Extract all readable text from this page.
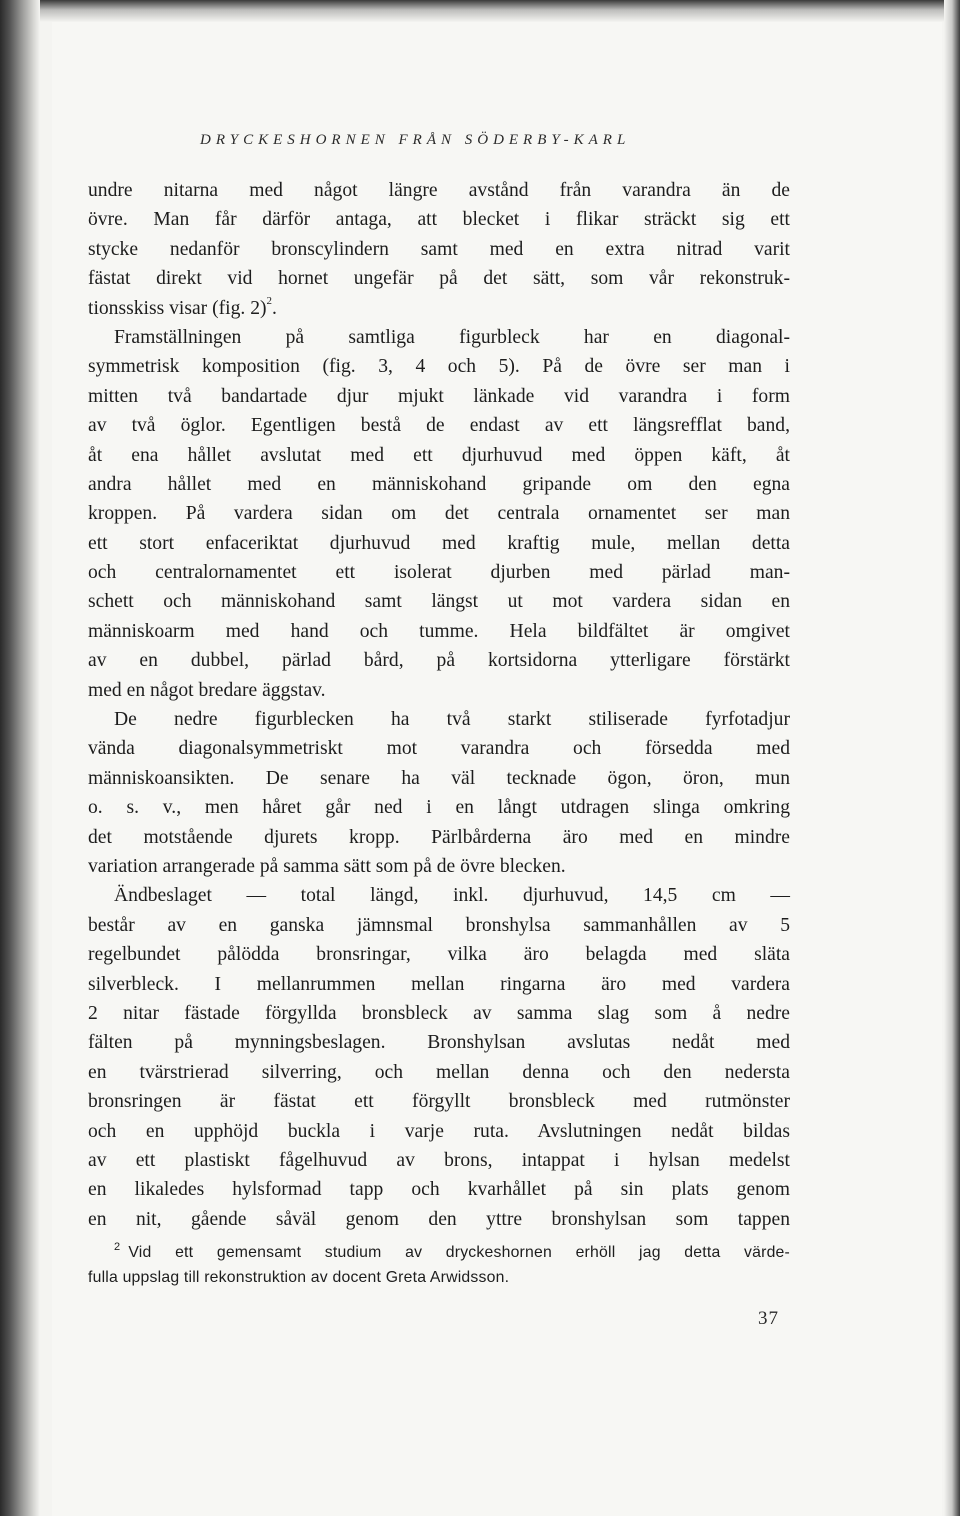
DRYCKESHORNEN FRÅN SÖDERBY-KARL
undre nitarna med något längre avstånd från varandra än de
övre. Man får därför antaga, att blecket i flikar sträckt sig ett
stycke nedanför bronscylindern samt med en extra nitrad varit
fästat direkt vid hornet ungefär på det sätt, som vår rekonstruk-
tionsskiss visar (fig. 2)$^2$.
Framställningen på samtliga figurbleck har en diagonal-
symmetrisk komposition (fig. 3, 4 och 5). På de övre ser man i
mitten två bandartade djur mjukt länkade vid varandra i form
av två öglor. Egentligen bestå de endast av ett längsrefflat band,
åt ena hållet avslutat med ett djurhuvud med öppen käft, åt
andra hållet med en människohand gripande om den egna
kroppen. På vardera sidan om det centrala ornamentet ser man
ett stort enfaceriktat djurhuvud med kraftig mule, mellan detta
och centralornamentet ett isolerat djurben med pärlad man-
schett och människohand samt längst ut mot vardera sidan en
människoarm med hand och tumme. Hela bildfältet är omgivet
av en dubbel, pärlad bård, på kortsidorna ytterligare förstärkt
med en något bredare äggstav.
De nedre figurblecken ha två starkt stiliserade fyrfotadjur
vända diagonalsymmetriskt mot varandra och försedda med
människoansikten. De senare ha väl tecknade ögon, öron, mun
o. s. v., men håret går ned i en långt utdragen slinga omkring
det motstående djurets kropp. Pärlbårderna äro med en mindre
variation arrangerade på samma sätt som på de övre blecken.
Ändbeslaget — total längd, inkl. djurhuvud, 14,5 cm —
består av en ganska jämnsmal bronshylsa sammanhållen av 5
regelbundet pålödda bronsringar, vilka äro belagda med släta
silverbleck. I mellanrummen mellan ringarna äro med vardera
2 nitar fästade förgyllda bronsbleck av samma slag som å nedre
fälten på mynningsbeslagen. Bronshylsan avslutas nedåt med
en tvärstrierad silverring, och mellan denna och den nedersta
bronsringen är fästat ett förgyllt bronsbleck med rutmönster
och en upphöjd buckla i varje ruta. Avslutningen nedåt bildas
av ett plastiskt fågelhuvud av brons, intappat i hylsan medelst
en likaledes hylsformad tapp och kvarhållet på sin plats genom
en nit, gående såväl genom den yttre bronshylsan som tappen
$^2$ Vid ett gemensamt studium av dryckeshornen erhöll jag detta värde-
fulla uppslag till rekonstruktion av docent Greta Arwidsson.
37
